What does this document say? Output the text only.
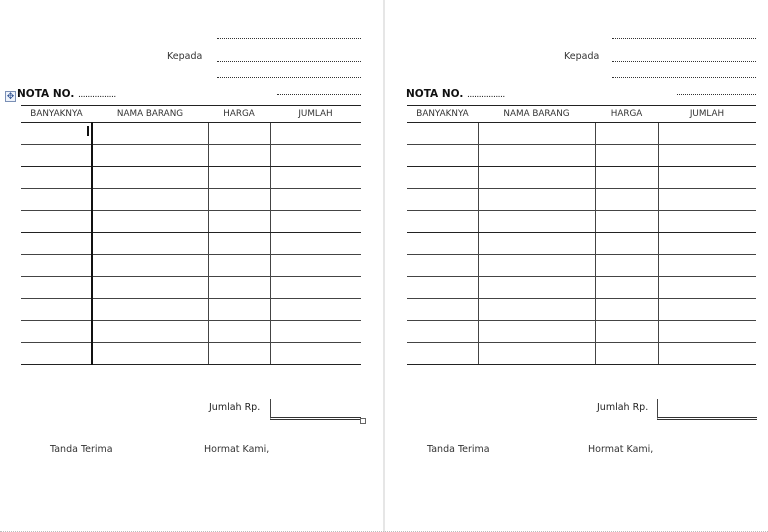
Kepada
✥ NOTA NO. ................
BANYAKNYA	NAMA BARANG	HARGA	JUMLAH

Jumlah Rp.
Tanda Terima	Hormat Kami,
Kepada
NOTA NO. ................
BANYAKNYA	NAMA BARANG	HARGA	JUMLAH

Jumlah Rp.
Tanda Terima	Hormat Kami,
